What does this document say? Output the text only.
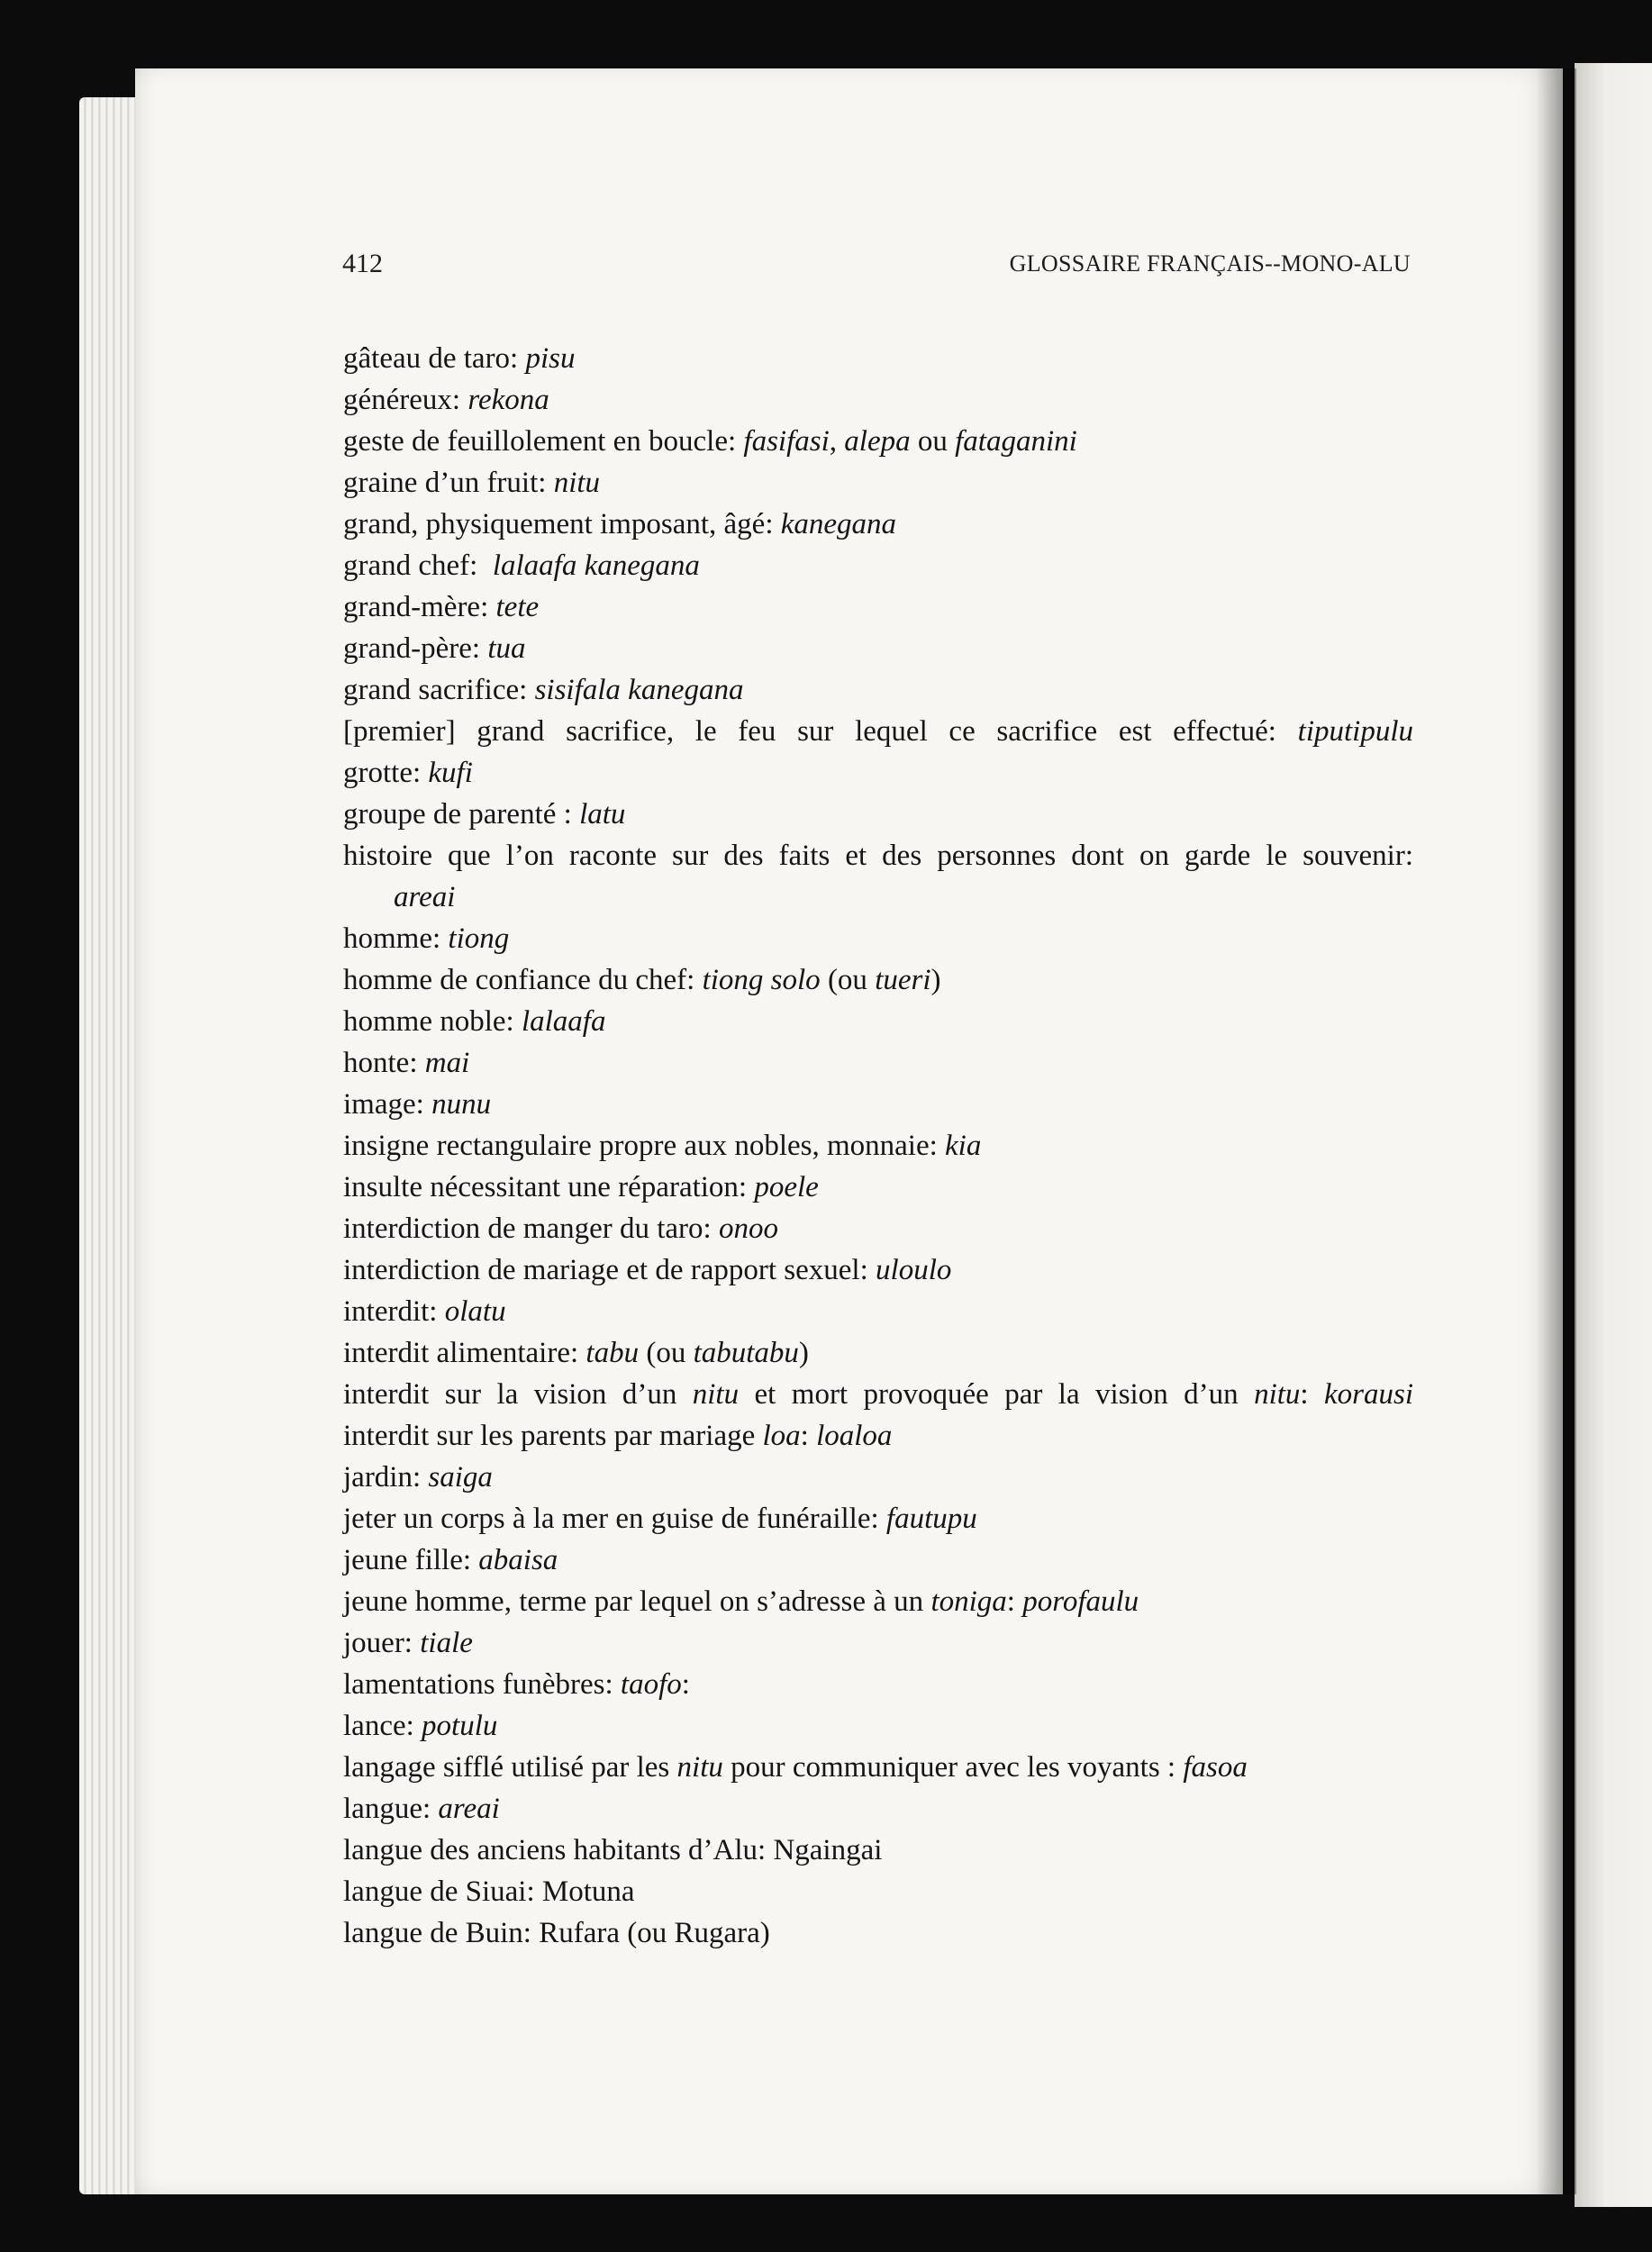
412	GLOSSAIRE FRANÇAIS--MONO-ALU
gâteau de taro: pisu
généreux: rekona
geste de feuillolement en boucle: fasifasi, alepa ou fataganini
graine d’un fruit: nitu
grand, physiquement imposant, âgé: kanegana
grand chef: lalaafa kanegana
grand-mère: tete
grand-père: tua
grand sacrifice: sisifala kanegana
[premier] grand sacrifice, le feu sur lequel ce sacrifice est effectué: tiputipulu
grotte: kufi
groupe de parenté : latu
histoire que l’on raconte sur des faits et des personnes dont on garde le souvenir:
areai
homme: tiong
homme de confiance du chef: tiong solo (ou tueri)
homme noble: lalaafa
honte: mai
image: nunu
insigne rectangulaire propre aux nobles, monnaie: kia
insulte nécessitant une réparation: poele
interdiction de manger du taro: onoo
interdiction de mariage et de rapport sexuel: uloulo
interdit: olatu
interdit alimentaire: tabu (ou tabutabu)
interdit sur la vision d’un nitu et mort provoquée par la vision d’un nitu: korausi
interdit sur les parents par mariage loa: loaloa
jardin: saiga
jeter un corps à la mer en guise de funéraille: fautupu
jeune fille: abaisa
jeune homme, terme par lequel on s’adresse à un toniga: porofaulu
jouer: tiale
lamentations funèbres: taofo:
lance: potulu
langage sifflé utilisé par les nitu pour communiquer avec les voyants : fasoa
langue: areai
langue des anciens habitants d’Alu: Ngaingai
langue de Siuai: Motuna
langue de Buin: Rufara (ou Rugara)
